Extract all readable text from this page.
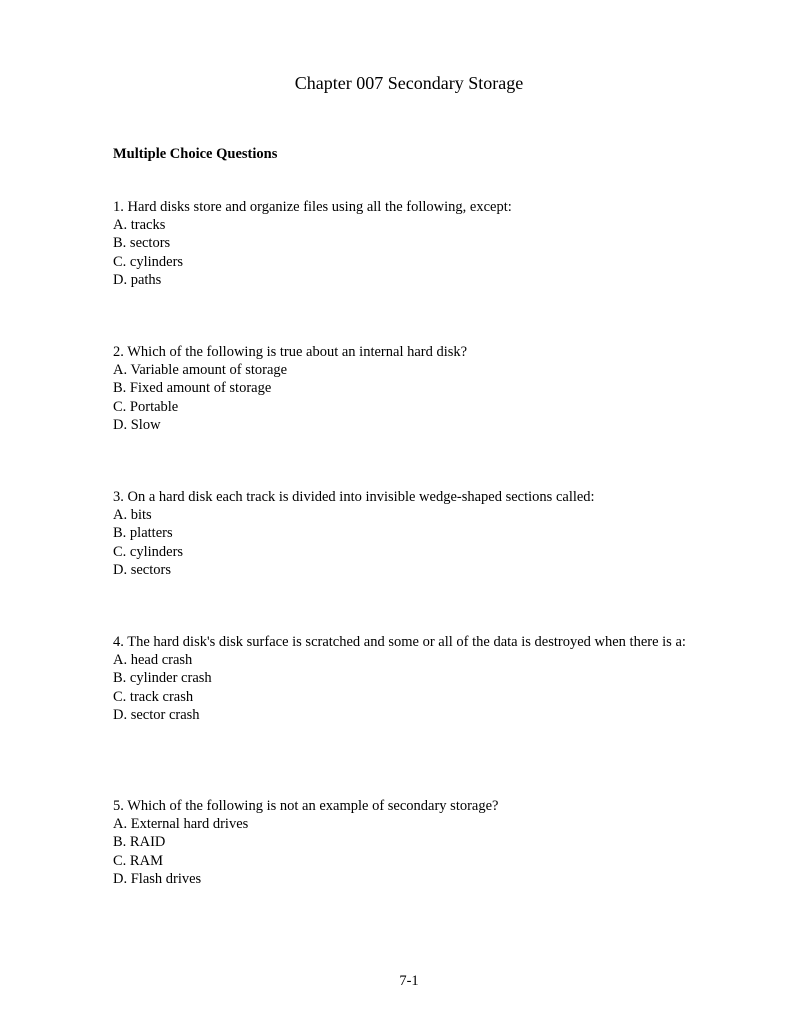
Chapter 007 Secondary Storage
Multiple Choice Questions
1. Hard disks store and organize files using all the following, except:
A. tracks
B. sectors
C. cylinders
D. paths
2. Which of the following is true about an internal hard disk?
A. Variable amount of storage
B. Fixed amount of storage
C. Portable
D. Slow
3. On a hard disk each track is divided into invisible wedge-shaped sections called:
A. bits
B. platters
C. cylinders
D. sectors
4. The hard disk's disk surface is scratched and some or all of the data is destroyed when there is a:
A. head crash
B. cylinder crash
C. track crash
D. sector crash
5. Which of the following is not an example of secondary storage?
A. External hard drives
B. RAID
C. RAM
D. Flash drives
7-1
